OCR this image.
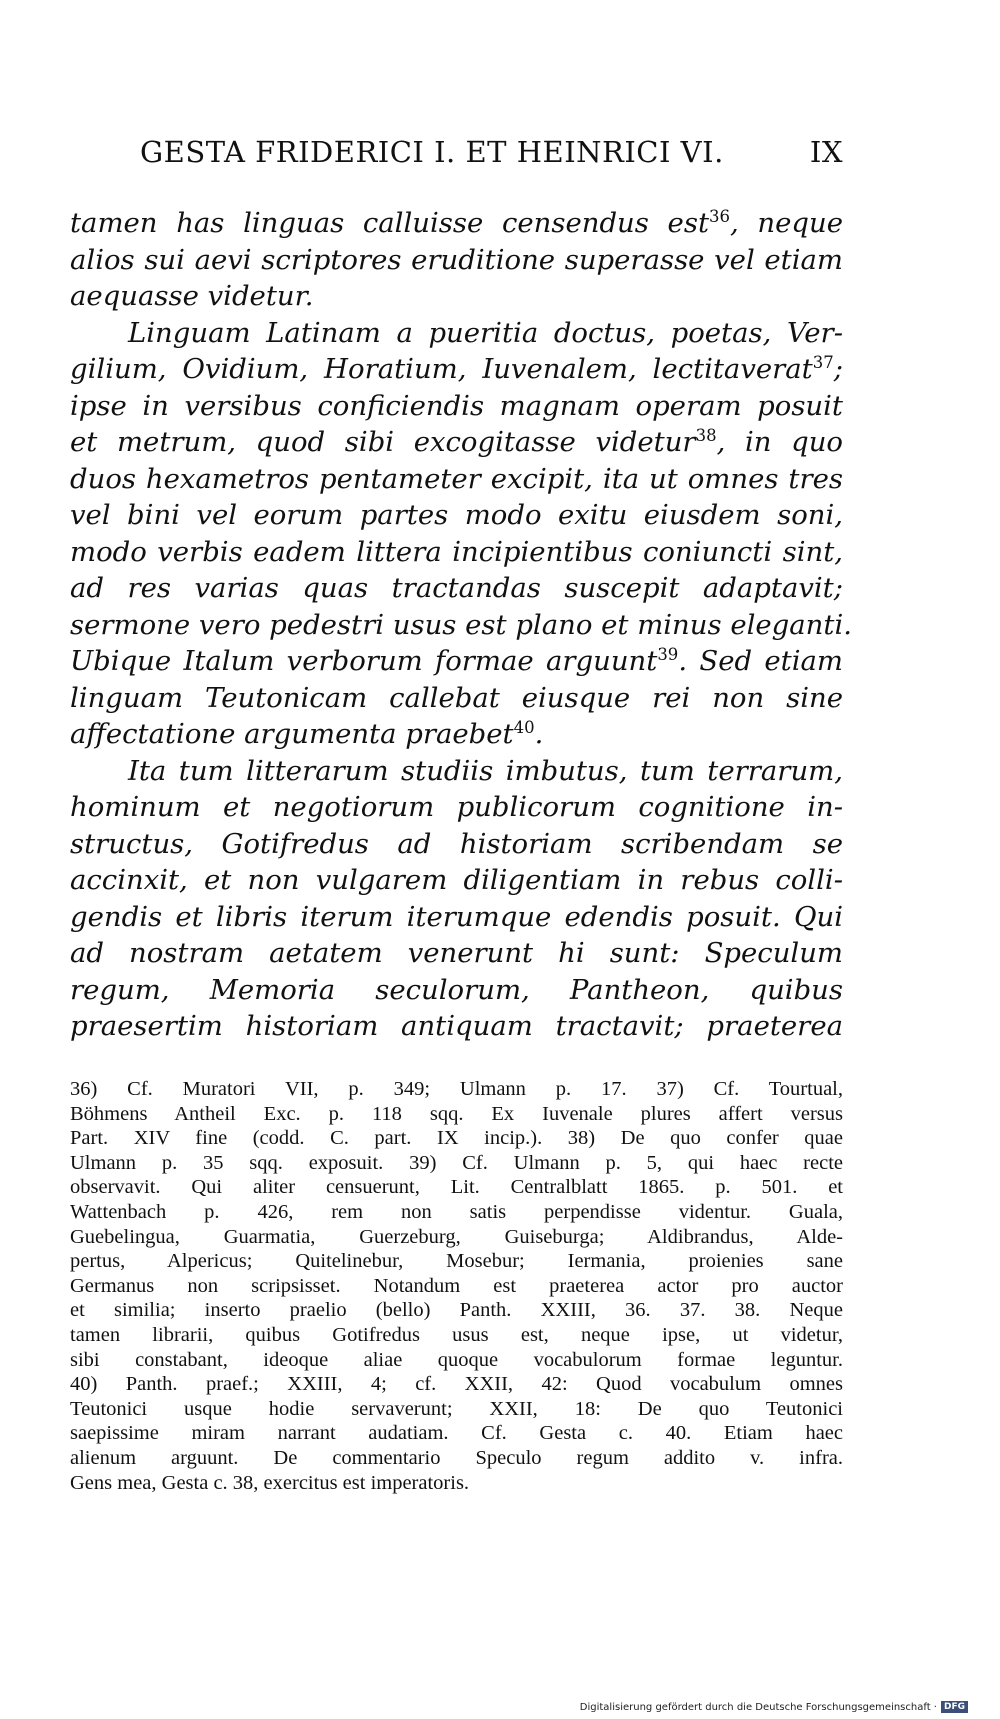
GESTA FRIDERICI I. ET HEINRICI VI.	IX
tamen has linguas calluisse censendus est$^{36}$, neque
alios sui aevi scriptores eruditione superasse vel etiam
aequasse videtur.
Linguam Latinam a pueritia doctus, poetas, Ver-
gilium, Ovidium, Horatium, Iuvenalem, lectitaverat$^{37}$;
ipse in versibus conficiendis magnam operam posuit
et metrum, quod sibi excogitasse videtur$^{38}$, in quo
duos hexametros pentameter excipit, ita ut omnes tres
vel bini vel eorum partes modo exitu eiusdem soni,
modo verbis eadem littera incipientibus coniuncti sint,
ad res varias quas tractandas suscepit adaptavit;
sermone vero pedestri usus est plano et minus eleganti.
Ubique Italum verborum formae arguunt$^{39}$. Sed etiam
linguam Teutonicam callebat eiusque rei non sine
affectatione argumenta praebet$^{40}$.
Ita tum litterarum studiis imbutus, tum terrarum,
hominum et negotiorum publicorum cognitione in-
structus, Gotifredus ad historiam scribendam se
accinxit, et non vulgarem diligentiam in rebus colli-
gendis et libris iterum iterumque edendis posuit. Qui
ad nostram aetatem venerunt hi sunt: Speculum
regum, Memoria seculorum, Pantheon, quibus
praesertim historiam antiquam tractavit; praeterea
36) Cf. Muratori VII, p. 349; Ulmann p. 17. 37) Cf. Tourtual,
Böhmens Antheil Exc. p. 118 sqq. Ex Iuvenale plures affert versus
Part. XIV fine (codd. C. part. IX incip.). 38) De quo confer quae
Ulmann p. 35 sqq. exposuit. 39) Cf. Ulmann p. 5, qui haec recte
observavit. Qui aliter censuerunt, Lit. Centralblatt 1865. p. 501. et
Wattenbach p. 426, rem non satis perpendisse videntur. Guala,
Guebelingua, Guarmatia, Guerzeburg, Guiseburga; Aldibrandus, Alde-
pertus, Alpericus; Quitelinebur, Mosebur; Iermania, proienies sane
Germanus non scripsisset. Notandum est praeterea actor pro auctor
et similia; inserto praelio (bello) Panth. XXIII, 36. 37. 38. Neque
tamen librarii, quibus Gotifredus usus est, neque ipse, ut videtur,
sibi constabant, ideoque aliae quoque vocabulorum formae leguntur.
40) Panth. praef.; XXIII, 4; cf. XXII, 42: Quod vocabulum omnes
Teutonici usque hodie servaverunt; XXII, 18: De quo Teutonici
saepissime miram narrant audatiam. Cf. Gesta c. 40. Etiam haec
alienum arguunt. De commentario Speculo regum addito v. infra.
Gens mea, Gesta c. 38, exercitus est imperatoris.
Digitalisierung gefördert durch die Deutsche Forschungsgemeinschaft · DFG
